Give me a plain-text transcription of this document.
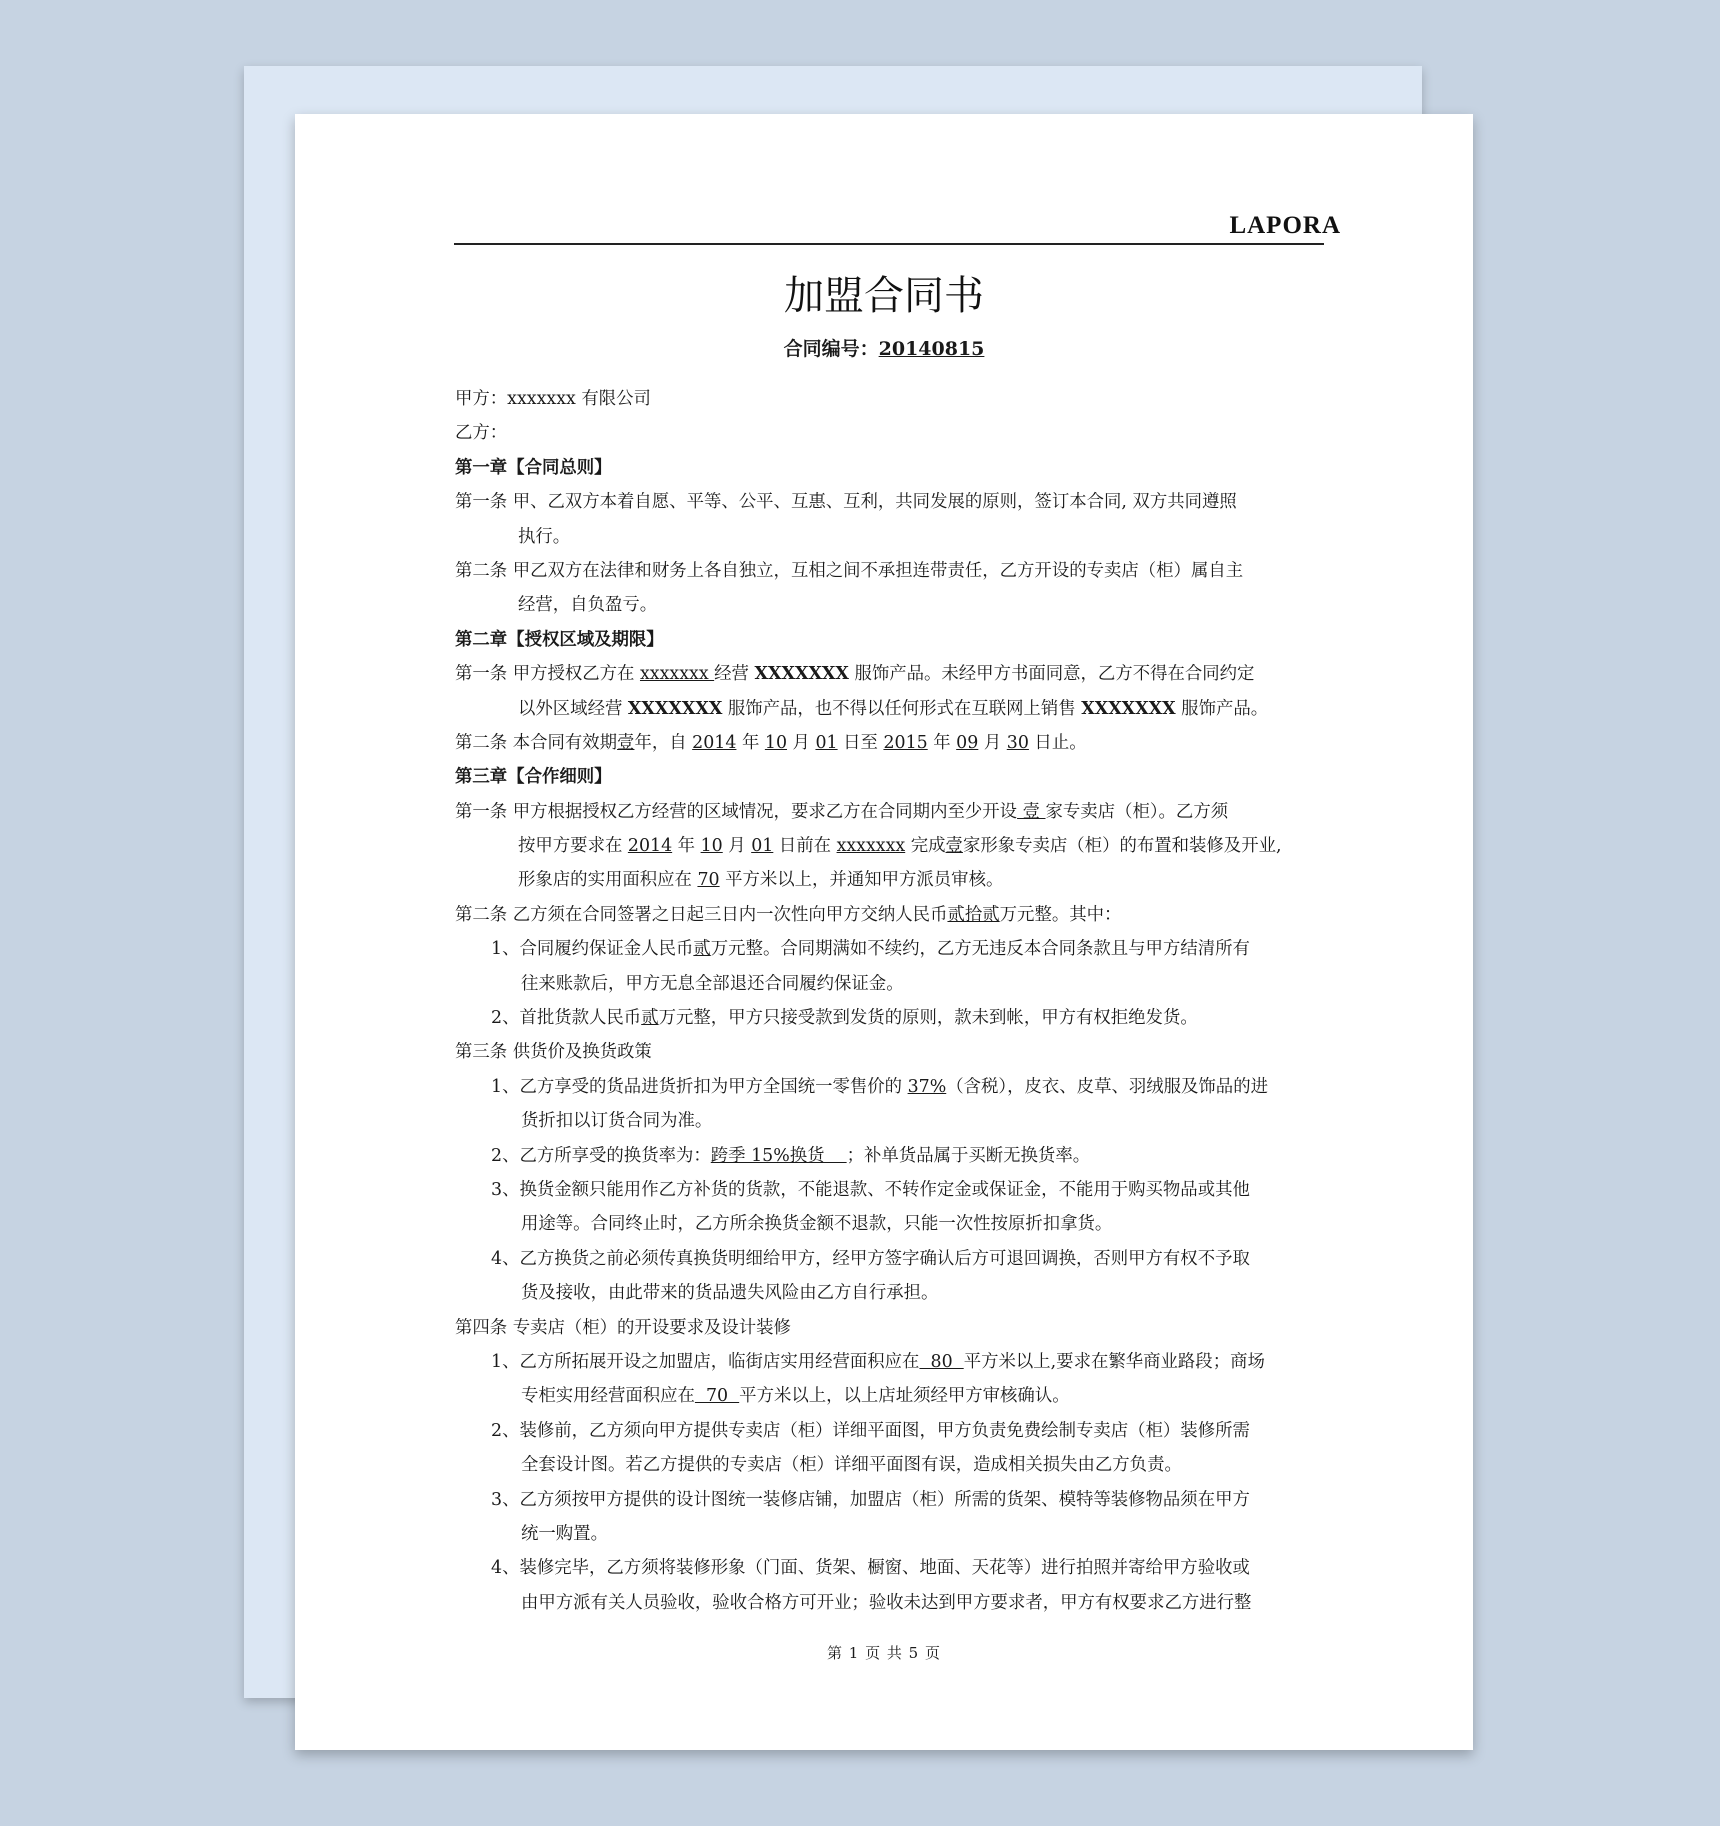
LAPORA
加盟合同书
合同编号：20140815
甲方：xxxxxxx 有限公司
乙方：
第一章【合同总则】
第一条 甲、乙双方本着自愿、平等、公平、互惠、互利，共同发展的原则，签订本合同, 双方共同遵照
执行。
第二条 甲乙双方在法律和财务上各自独立，互相之间不承担连带责任，乙方开设的专卖店（柜）属自主
经营，自负盈亏。
第二章【授权区域及期限】
第一条 甲方授权乙方在 xxxxxxx 经营 XXXXXXX 服饰产品。未经甲方书面同意，乙方不得在合同约定
以外区域经营 XXXXXXX 服饰产品，也不得以任何形式在互联网上销售 XXXXXXX 服饰产品。
第二条 本合同有效期壹年，自 2014 年 10 月 01 日至 2015 年 09 月 30 日止。
第三章【合作细则】
第一条 甲方根据授权乙方经营的区域情况，要求乙方在合同期内至少开设 壹 家专卖店（柜）。乙方须
按甲方要求在 2014 年 10 月 01 日前在 xxxxxxx 完成壹家形象专卖店（柜）的布置和装修及开业,
形象店的实用面积应在 70 平方米以上，并通知甲方派员审核。
第二条 乙方须在合同签署之日起三日内一次性向甲方交纳人民币贰拾贰万元整。其中：
1、合同履约保证金人民币贰万元整。合同期满如不续约，乙方无违反本合同条款且与甲方结清所有
往来账款后，甲方无息全部退还合同履约保证金。
2、首批货款人民币贰万元整，甲方只接受款到发货的原则，款未到帐，甲方有权拒绝发货。
第三条 供货价及换货政策
1、乙方享受的货品进货折扣为甲方全国统一零售价的 37%（含税），皮衣、皮草、羽绒服及饰品的进
货折扣以订货合同为准。
2、乙方所享受的换货率为：跨季 15%换货    ；补单货品属于买断无换货率。
3、换货金额只能用作乙方补货的货款，不能退款、不转作定金或保证金，不能用于购买物品或其他
用途等。合同终止时，乙方所余换货金额不退款，只能一次性按原折扣拿货。
4、乙方换货之前必须传真换货明细给甲方，经甲方签字确认后方可退回调换，否则甲方有权不予取
货及接收，由此带来的货品遗失风险由乙方自行承担。
第四条 专卖店（柜）的开设要求及设计装修
1、乙方所拓展开设之加盟店，临街店实用经营面积应在  80  平方米以上,要求在繁华商业路段；商场
专柜实用经营面积应在  70  平方米以上，以上店址须经甲方审核确认。
2、装修前，乙方须向甲方提供专卖店（柜）详细平面图，甲方负责免费绘制专卖店（柜）装修所需
全套设计图。若乙方提供的专卖店（柜）详细平面图有误，造成相关损失由乙方负责。
3、乙方须按甲方提供的设计图统一装修店铺，加盟店（柜）所需的货架、模特等装修物品须在甲方
统一购置。
4、装修完毕，乙方须将装修形象（门面、货架、橱窗、地面、天花等）进行拍照并寄给甲方验收或
由甲方派有关人员验收，验收合格方可开业；验收未达到甲方要求者，甲方有权要求乙方进行整
第 1 页 共 5 页
